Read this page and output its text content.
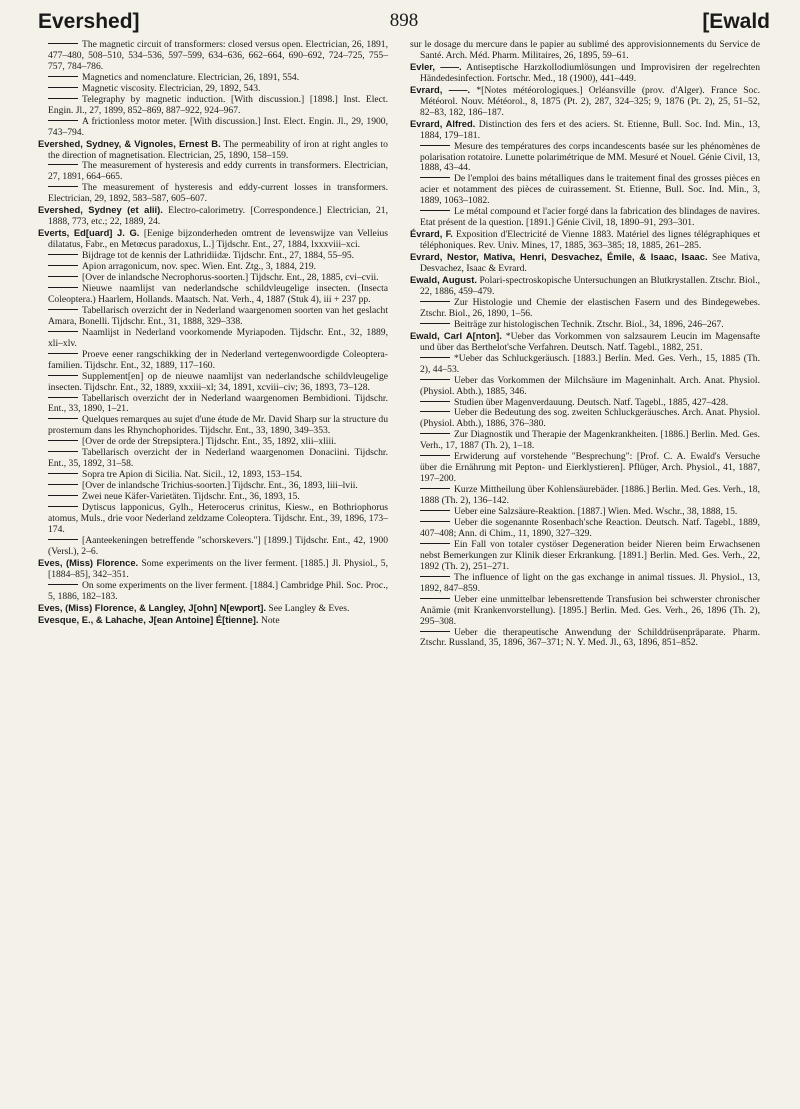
Evershed]	898	[Ewald

The magnetic circuit of transformers: closed versus open. Electrician, 26, 1891, 477–480, 508–510, 534–536, 597–599, 634–636, 662–664, 690–692, 724–725, 755–757, 784–786.

Magnetics and nomenclature. Electrician, 26, 1891, 554.

Magnetic viscosity. Electrician, 29, 1892, 543.

Telegraphy by magnetic induction. [With discussion.] [1898.] Inst. Elect. Engin. Jl., 27, 1899, 852–869, 887–922, 924–967.

A frictionless motor meter. [With discussion.] Inst. Elect. Engin. Jl., 29, 1900, 743–794.

Evershed, Sydney, & Vignoles, Ernest B. The permeability of iron at right angles to the direction of magnetisation. Electrician, 25, 1890, 158–159.

The measurement of hysteresis and eddy currents in transformers. Electrician, 27, 1891, 664–665.

The measurement of hysteresis and eddy-current losses in transformers. Electrician, 29, 1892, 583–587, 605–607.

Evershed, Sydney (et alii). Electro-calorimetry. [Correspondence.] Electrician, 21, 1888, 773, etc.; 22, 1889, 24.

Everts, Ed[uard] J. G. [Eenige bijzonderheden omtrent de levenswijze van Velleius dilatatus, Fabr., en Metœcus paradoxus, L.] Tijdschr. Ent., 27, 1884, lxxxviii–xci.

Bijdrage tot de kennis der Lathridiidæ. Tijdschr. Ent., 27, 1884, 55–95.

Apion arragonicum, nov. spec. Wien. Ent. Ztg., 3, 1884, 219.

[Over de inlandsche Necrophorus-soorten.] Tijdschr. Ent., 28, 1885, cvi–cvii.

Nieuwe naamlijst van nederlandsche schildvleugelige insecten. (Insecta Coleoptera.) Haarlem, Hollands. Maatsch. Nat. Verh., 4, 1887 (Stuk 4), iii + 237 pp.

Tabellarisch overzicht der in Nederland waargenomen soorten van het geslacht Amara, Bonelli. Tijdschr. Ent., 31, 1888, 329–338.

Naamlijst in Nederland voorkomende Myriapoden. Tijdschr. Ent., 32, 1889, xli–xlv.

Proeve eener rangschikking der in Nederland vertegenwoordigde Coleoptera-familien. Tijdschr. Ent., 32, 1889, 117–160.

Supplement[en] op de nieuwe naamlijst van nederlandsche schildvleugelige insecten. Tijdschr. Ent., 32, 1889, xxxiii–xl; 34, 1891, xcviii–civ; 36, 1893, 73–128.

Tabellarisch overzicht der in Nederland waargenomen Bembidioni. Tijdschr. Ent., 33, 1890, 1–21.

Quelques remarques au sujet d'une étude de Mr. David Sharp sur la structure du prosternum dans les Rhynchophorides. Tijdschr. Ent., 33, 1890, 349–353.

[Over de orde der Strepsiptera.] Tijdschr. Ent., 35, 1892, xlii–xliii.

Tabellarisch overzicht der in Nederland waargenomen Donaciini. Tijdschr. Ent., 35, 1892, 31–58.

Sopra tre Apion di Sicilia. Nat. Sicil., 12, 1893, 153–154.

[Over de inlandsche Trichius-soorten.] Tijdschr. Ent., 36, 1893, liii–lvii.

Zwei neue Käfer-Varietäten. Tijdschr. Ent., 36, 1893, 15.

Dytiscus lapponicus, Gylh., Heterocerus crinitus, Kiesw., en Bothriophorus atomus, Muls., drie voor Nederland zeldzame Coleoptera. Tijdschr. Ent., 39, 1896, 173–174.

[Aanteekeningen betreffende "schorskevers."] [1899.] Tijdschr. Ent., 42, 1900 (Versl.), 2–6.

Eves, (Miss) Florence. Some experiments on the liver ferment. [1885.] Jl. Physiol., 5, [1884–85], 342–351.

On some experiments on the liver ferment. [1884.] Cambridge Phil. Soc. Proc., 5, 1886, 182–183.

Eves, (Miss) Florence, & Langley, J[ohn] N[ewport]. See Langley & Eves.

Evesque, E., & Lahache, J[ean Antoine] É[tienne]. Note

sur le dosage du mercure dans le papier au sublimé des approvisionnements du Service de Santé. Arch. Méd. Pharm. Militaires, 26, 1895, 59–61.

Evler, ——. Antiseptische Harzkollodiumlösungen und Improvisiren der regelrechten Händedesinfection. Fortschr. Med., 18 (1900), 441–449.

Evrard, ——. *[Notes météorologiques.] Orléansville (prov. d'Alger). France Soc. Météorol. Nouv. Météorol., 8, 1875 (Pt. 2), 287, 324–325; 9, 1876 (Pt. 2), 25, 51–52, 82–83, 182, 186–187.

Evrard, Alfred. Distinction des fers et des aciers. St. Etienne, Bull. Soc. Ind. Min., 13, 1884, 179–181.

Mesure des températures des corps incandescents basée sur les phénomènes de polarisation rotatoire. Lunette polarimétrique de MM. Mesuré et Nouel. Génie Civil, 13, 1888, 43–44.

De l'emploi des bains métalliques dans le traitement final des grosses pièces en acier et notamment des pièces de cuirassement. St. Etienne, Bull. Soc. Ind. Min., 3, 1889, 1063–1082.

Le métal compound et l'acier forgé dans la fabrication des blindages de navires. Etat présent de la question. [1891.] Génie Civil, 18, 1890–91, 293–301.

Évrard, F. Exposition d'Electricité de Vienne 1883. Matériel des lignes télégraphiques et téléphoniques. Rev. Univ. Mines, 17, 1885, 363–385; 18, 1885, 261–285.

Evrard, Nestor, Mativa, Henri, Desvachez, Émile, & Isaac, Isaac. See Mativa, Desvachez, Isaac & Evrard.

Ewald, August. Polari-spectroskopische Untersuchungen an Blutkrystallen. Ztschr. Biol., 22, 1886, 459–479.

Zur Histologie und Chemie der elastischen Fasern und des Bindegewebes. Ztschr. Biol., 26, 1890, 1–56.

Beiträge zur histologischen Technik. Ztschr. Biol., 34, 1896, 246–267.

Ewald, Carl A[nton]. *Ueber das Vorkommen von salzsaurem Leucin im Magensafte und über das Berthelot'sche Verfahren. Deutsch. Natf. Tagebl., 1882, 251.

*Ueber das Schluckgeräusch. [1883.] Berlin. Med. Ges. Verh., 15, 1885 (Th. 2), 44–53.

Ueber das Vorkommen der Milchsäure im Mageninhalt. Arch. Anat. Physiol. (Physiol. Abth.), 1885, 346.

Studien über Magenverdauung. Deutsch. Natf. Tagebl., 1885, 427–428.

Ueber die Bedeutung des sog. zweiten Schluckgeräusches. Arch. Anat. Physiol. (Physiol. Abth.), 1886, 376–380.

Zur Diagnostik und Therapie der Magenkrankheiten. [1886.] Berlin. Med. Ges. Verh., 17, 1887 (Th. 2), 1–18.

Erwiderung auf vorstehende "Besprechung": [Prof. C. A. Ewald's Versuche über die Ernährung mit Pepton- und Eierklystieren]. Pflüger, Arch. Physiol., 41, 1887, 197–200.

Kurze Mittheilung über Kohlensäurebäder. [1886.] Berlin. Med. Ges. Verh., 18, 1888 (Th. 2), 136–142.

Ueber eine Salzsäure-Reaktion. [1887.] Wien. Med. Wschr., 38, 1888, 15.

Ueber die sogenannte Rosenbach'sche Reaction. Deutsch. Natf. Tagebl., 1889, 407–408; Ann. di Chim., 11, 1890, 327–329.

Ein Fall von totaler cystöser Degeneration beider Nieren beim Erwachsenen nebst Bemerkungen zur Klinik dieser Erkrankung. [1891.] Berlin. Med. Ges. Verh., 22, 1892 (Th. 2), 251–271.

The influence of light on the gas exchange in animal tissues. Jl. Physiol., 13, 1892, 847–859.

Ueber eine unmittelbar lebensrettende Transfusion bei schwerster chronischer Anämie (mit Krankenvorstellung). [1895.] Berlin. Med. Ges. Verh., 26, 1896 (Th. 2), 295–308.

Ueber die therapeutische Anwendung der Schilddrüsenpräparate. Pharm. Ztschr. Russland, 35, 1896, 367–371; N. Y. Med. Jl., 63, 1896, 851–852.
